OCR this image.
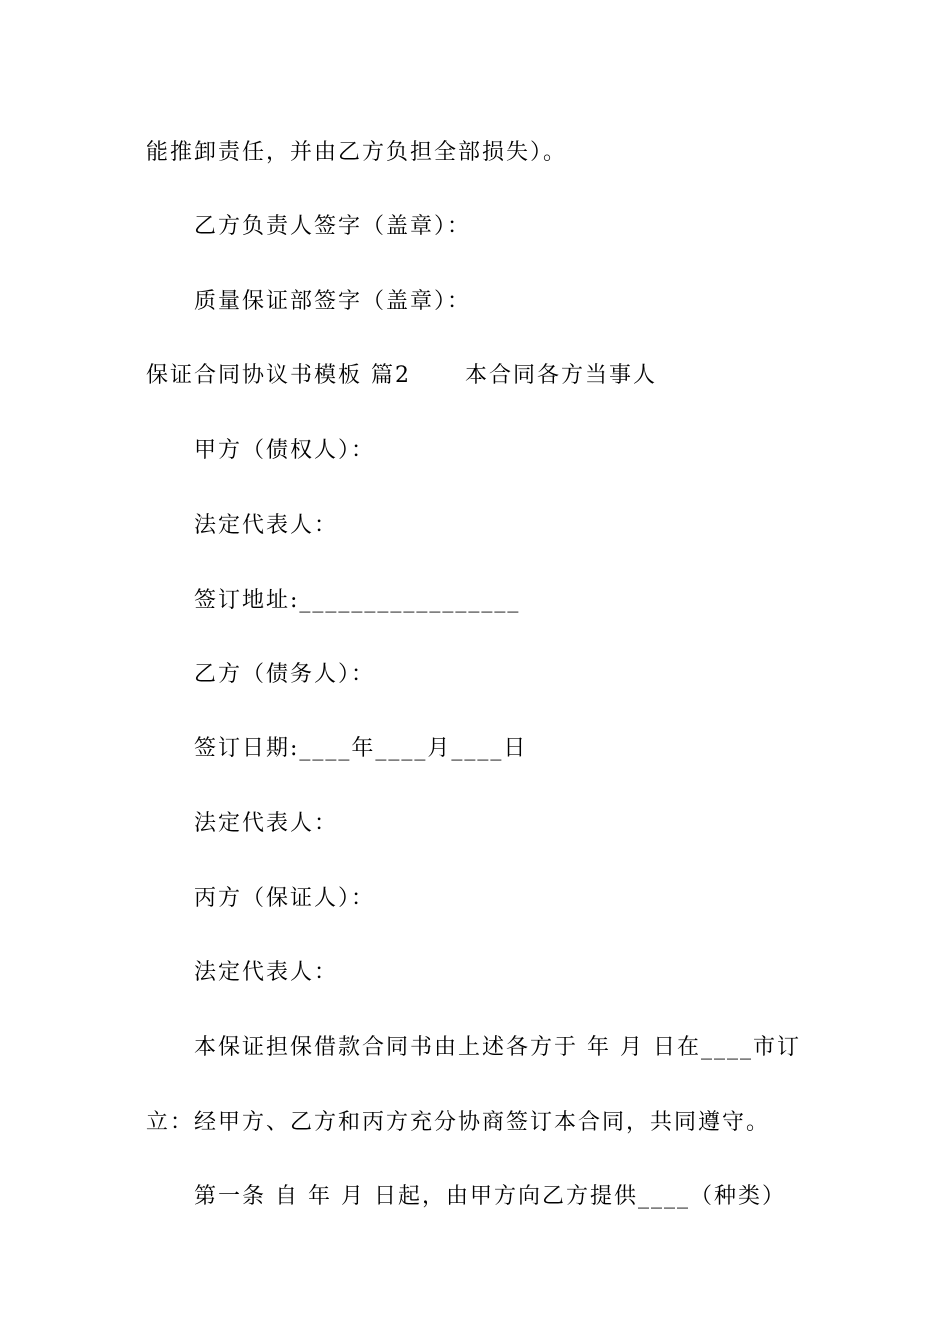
能推卸责任，并由乙方负担全部损失）。
乙方负责人签字（盖章）：
质量保证部签字（盖章）：
保证合同协议书模板 篇2      本合同各方当事人
甲方（债权人）：
法定代表人：
签订地址:_________________
乙方（债务人）：
签订日期:____年____月____日
法定代表人：
丙方（保证人）：
法定代表人：
本保证担保借款合同书由上述各方于 年 月 日在____市订
立：经甲方、乙方和丙方充分协商签订本合同，共同遵守。
第一条 自 年 月 日起，由甲方向乙方提供____（种类）
